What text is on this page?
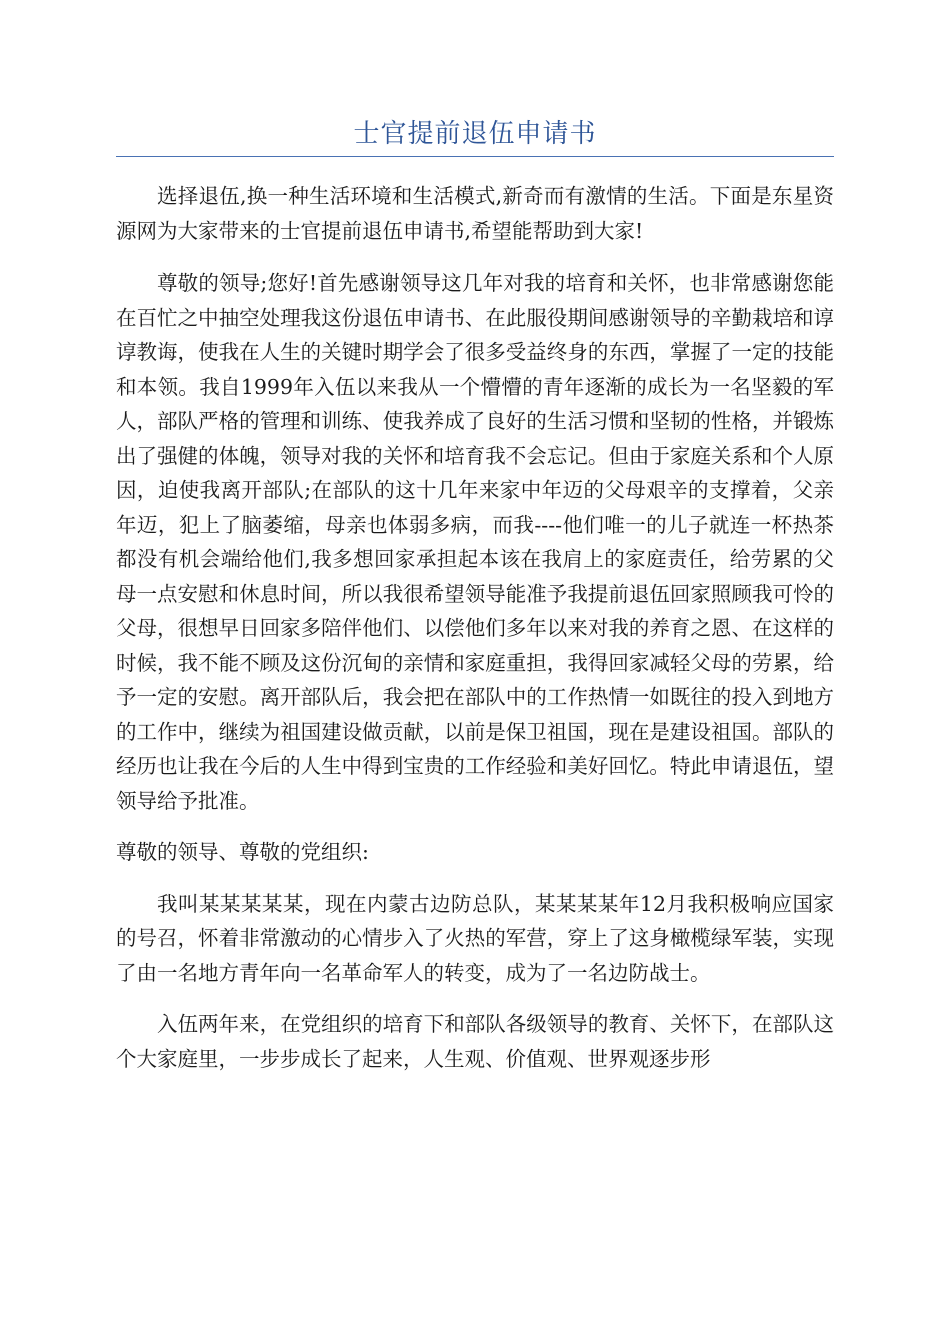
士官提前退伍申请书

选择退伍,换一种生活环境和生活模式,新奇而有激情的生活。下面是东星资源网为大家带来的士官提前退伍申请书,希望能帮助到大家!

尊敬的领导;您好!首先感谢领导这几年对我的培育和关怀，也非常感谢您能在百忙之中抽空处理我这份退伍申请书、在此服役期间感谢领导的辛勤栽培和谆谆教诲，使我在人生的关键时期学会了很多受益终身的东西，掌握了一定的技能和本领。我自1999年入伍以来我从一个懵懵的青年逐渐的成长为一名坚毅的军人，部队严格的管理和训练、使我养成了良好的生活习惯和坚韧的性格，并锻炼出了强健的体魄，领导对我的关怀和培育我不会忘记。但由于家庭关系和个人原因，迫使我离开部队;在部队的这十几年来家中年迈的父母艰辛的支撑着，父亲年迈，犯上了脑萎缩，母亲也体弱多病，而我----他们唯一的儿子就连一杯热茶都没有机会端给他们,我多想回家承担起本该在我肩上的家庭责任，给劳累的父母一点安慰和休息时间，所以我很希望领导能准予我提前退伍回家照顾我可怜的父母，很想早日回家多陪伴他们、以偿他们多年以来对我的养育之恩、在这样的时候，我不能不顾及这份沉甸的亲情和家庭重担，我得回家减轻父母的劳累，给予一定的安慰。离开部队后，我会把在部队中的工作热情一如既往的投入到地方的工作中，继续为祖国建设做贡献，以前是保卫祖国，现在是建设祖国。部队的经历也让我在今后的人生中得到宝贵的工作经验和美好回忆。特此申请退伍，望领导给予批准。

尊敬的领导、尊敬的党组织:

我叫某某某某某，现在内蒙古边防总队，某某某某年12月我积极响应国家的号召，怀着非常激动的心情步入了火热的军营，穿上了这身橄榄绿军装，实现了由一名地方青年向一名革命军人的转变，成为了一名边防战士。

入伍两年来，在党组织的培育下和部队各级领导的教育、关怀下，在部队这个大家庭里，一步步成长了起来，人生观、价值观、世界观逐步形
